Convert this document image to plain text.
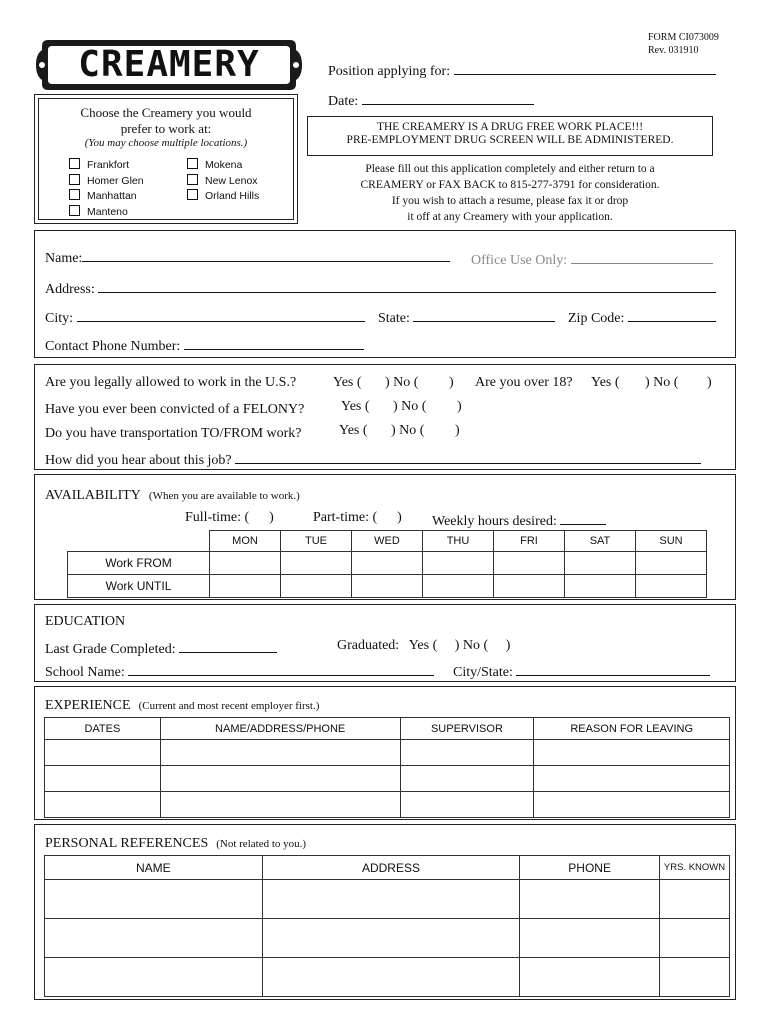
CREAMERY
FORM CI073009
Rev. 031910
Position applying for:
Date:
Choose the Creamery you would
prefer to work at:
(You may choose multiple locations.)
Frankfort
Homer Glen
Manhattan
Manteno
Mokena
New Lenox
Orland Hills
THE CREAMERY IS A DRUG FREE WORK PLACE!!!
PRE-EMPLOYMENT DRUG SCREEN WILL BE ADMINISTERED.
Please fill out this application completely and either return to a
CREAMERY or FAX BACK to 815-277-3791 for consideration.
If you wish to attach a resume, please fax it or drop
it off at any Creamery with your application.
Name:	Office Use Only:
Address:
City:	State:	Zip Code:
Contact Phone Number:
Are you legally allowed to work in the U.S.?	Yes ( ) No ( ) Are you over 18? Yes ( ) No ( )
Have you ever been convicted of a FELONY?	Yes ( ) No ( )
Do you have transportation TO/FROM work?	Yes ( ) No ( )
How did you hear about this job?
AVAILABILITY (When you are available to work.)
Full-time: ( )	Part-time: ( ) Weekly hours desired:
	MON	TUE	WED	THU	FRI	SAT	SUN
Work FROM							
Work UNTIL							
EDUCATION
Last Grade Completed:	Graduated: Yes ( ) No ( )
School Name:	City/State:
EXPERIENCE (Current and most recent employer first.)
DATES	NAME/ADDRESS/PHONE	SUPERVISOR	REASON FOR LEAVING

PERSONAL REFERENCES (Not related to you.)
NAME	ADDRESS	PHONE	YRS. KNOWN
